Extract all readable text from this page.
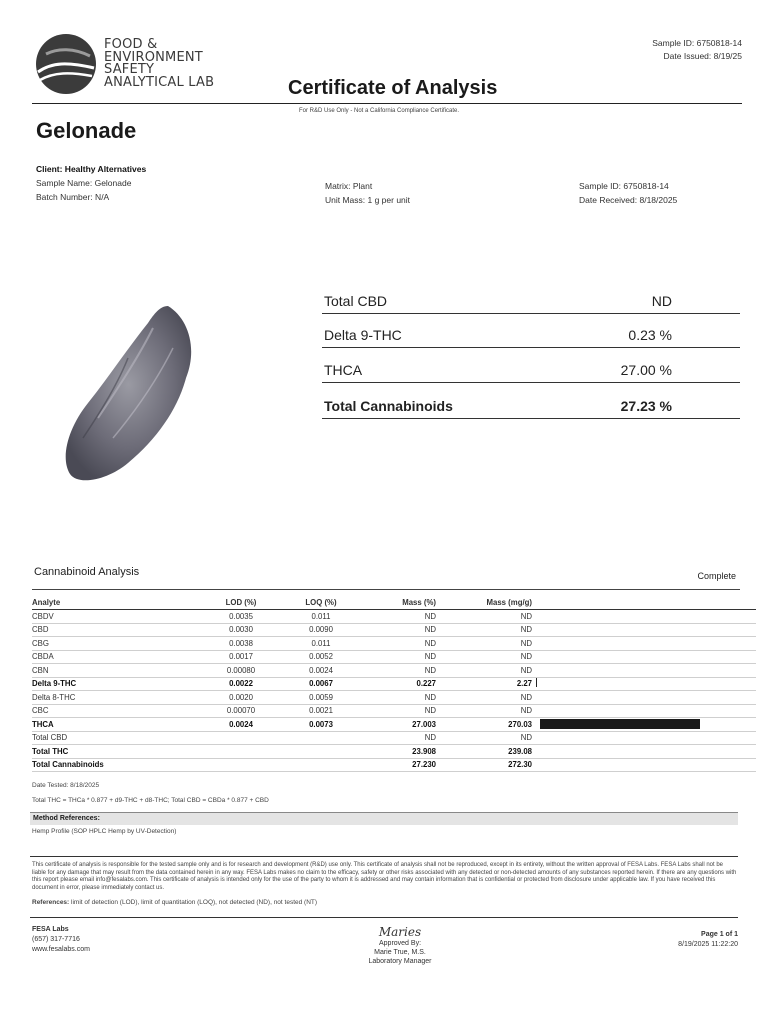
FOOD &
ENVIRONMENT
SAFETY
ANALYTICAL LAB
Sample ID: 6750818-14
Date Issued: 8/19/25
Certificate of Analysis
For R&D Use Only - Not a California Compliance Certificate.
Gelonade
Client: Healthy Alternatives
Sample Name: Gelonade
Batch Number: N/A
Matrix: Plant
Unit Mass: 1 g per unit
Sample ID: 6750818-14
Date Received: 8/18/2025
Total CBD	ND
Delta 9-THC	0.23 %
THCA	27.00 %
Total Cannabinoids	27.23 %
Cannabinoid Analysis	Complete
Analyte	LOD (%)	LOQ (%)	Mass (%)	Mass (mg/g)	
CBDV	0.0035	0.011	ND	ND	
CBD	0.0030	0.0090	ND	ND	
CBG	0.0038	0.011	ND	ND	
CBDA	0.0017	0.0052	ND	ND	
CBN	0.00080	0.0024	ND	ND	
Delta 9-THC	0.0022	0.0067	0.227	2.27	
Delta 8-THC	0.0020	0.0059	ND	ND	
CBC	0.00070	0.0021	ND	ND	
THCA	0.0024	0.0073	27.003	270.03	
Total CBD			ND	ND	
Total THC			23.908	239.08	
Total Cannabinoids			27.230	272.30	
Date Tested: 8/18/2025
Total THC = THCa * 0.877 + d9-THC + d8-THC; Total CBD = CBDa * 0.877 + CBD
Method References:
Hemp Profile (SOP HPLC Hemp by UV-Detection)
This certificate of analysis is responsible for the tested sample only and is for research and development (R&D) use only. This certificate of analysis shall not be reproduced, except in its entirety, without the written approval of FESA Labs. FESA Labs shall not be liable for any damage that may result from the data contained herein in any way. FESA Labs makes no claim to the efficacy, safety or other risks associated with any detected or non-detected amounts of any substances reported herein. If there are any questions with this report please email info@fesalabs.com. This certificate of analysis is intended only for the use of the party to whom it is addressed and may contain information that is confidential or protected from disclosure under applicable law. If you have received this document in error, please immediately contact us.
References: limit of detection (LOD), limit of quantitation (LOQ), not detected (ND), not tested (NT)
FESA Labs
(657) 317-7716
www.fesalabs.com
Maries
Approved By:
Marie True, M.S.
Laboratory Manager
Page 1 of 1
8/19/2025 11:22:20
